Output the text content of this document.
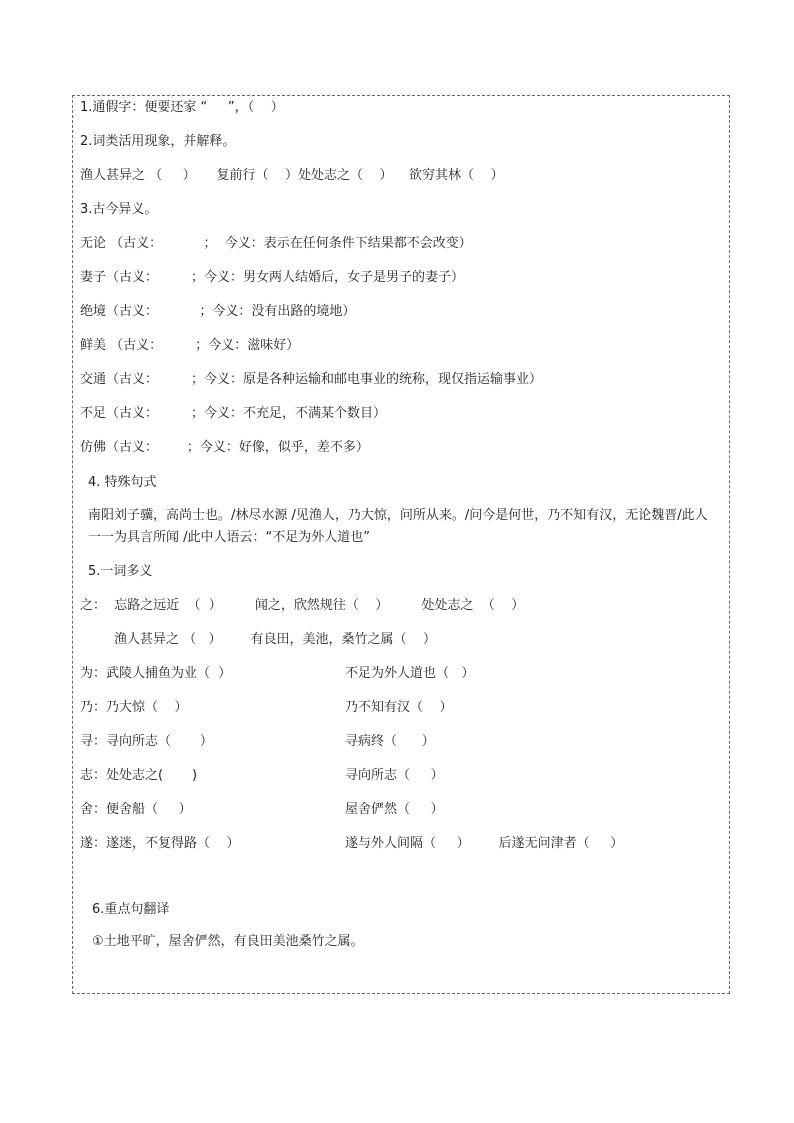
1.通假字：便要还家 “     ”，（    ）
2.词类活用现象，并解释。
渔人甚异之 （     ）     复前行（    ）处处志之（    ）    欲穷其林（    ）
3.古今异义。
无论 （古义：          ；  今义：表示在任何条件下结果都不会改变）
妻子（古义：        ；今义：男女两人结婚后，女子是男子的妻子）
绝境（古义：          ；今义：没有出路的境地）
鲜美 （古义：        ；今义：滋味好）
交通（古义：        ；今义：原是各种运输和邮电事业的统称，现仅指运输事业）
不足（古义：        ；今义：不充足，不满某个数目）
仿佛（古义：       ；今义：好像，似乎，差不多）
4. 特殊句式
南阳刘子骥，高尚士也。/林尽水源 /见渔人，乃大惊，问所从来。/问今是何世，乃不知有汉，无论魏晋/此人一一为具言所闻 /此中人语云：“不足为外人道也”
5.一词多义
之：  忘路之远近  （  ）        闻之，欣然规往（    ）        处处志之  （    ）
渔人甚异之 （   ）       有良田，美池，桑竹之属（    ）
为：武陵人捕鱼为业（  ）	不足为外人道也（   ）
乃：乃大惊（    ）	乃不知有汉（    ）
寻：寻向所志（       ）	寻病终（      ）
志：处处志之(       )	寻向所志（     ）
舍：便舍船（     ）	屋舍俨然（     ）
遂：遂迷，不复得路（    ）	遂与外人间隔（     ）       后遂无问津者（     ）
6.重点句翻译
①土地平旷，屋舍俨然，有良田美池桑竹之属。
